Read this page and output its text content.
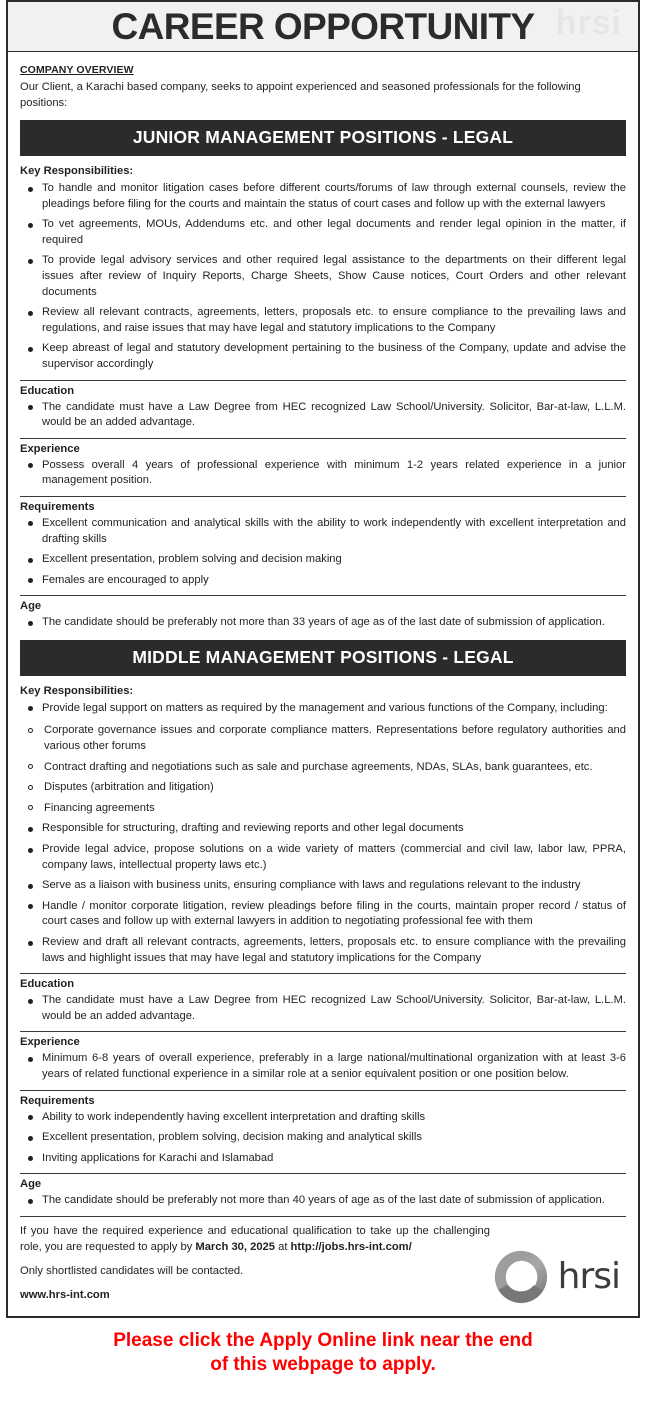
hrsi
CAREER OPPORTUNITY
COMPANY OVERVIEW

Our Client, a Karachi based company, seeks to appoint experienced and seasoned professionals for the following positions:

JUNIOR MANAGEMENT POSITIONS - LEGAL
Key Responsibilities:
To handle and monitor litigation cases before different courts/forums of law through external counsels, review the pleadings before filing for the courts and maintain the status of court cases and follow up with the external lawyers
To vet agreements, MOUs, Addendums etc. and other legal documents and render legal opinion in the matter, if required
To provide legal advisory services and other required legal assistance to the departments on their different legal issues after review of Inquiry Reports, Charge Sheets, Show Cause notices, Court Orders and other relevant documents
Review all relevant contracts, agreements, letters, proposals etc. to ensure compliance to the prevailing laws and regulations, and raise issues that may have legal and statutory implications to the Company
Keep abreast of legal and statutory development pertaining to the business of the Company, update and advise the supervisor accordingly
Education
The candidate must have a Law Degree from HEC recognized Law School/University. Solicitor, Bar-at-law, L.L.M. would be an added advantage.
Experience
Possess overall 4 years of professional experience with minimum 1-2 years related experience in a junior management position.
Requirements
Excellent communication and analytical skills with the ability to work independently with excellent interpretation and drafting skills
Excellent presentation, problem solving and decision making
Females are encouraged to apply
Age
The candidate should be preferably not more than 33 years of age as of the last date of submission of application.
MIDDLE MANAGEMENT POSITIONS - LEGAL
Key Responsibilities:
Provide legal support on matters as required by the management and various functions of the Company, including:
Corporate governance issues and corporate compliance matters. Representations before regulatory authorities and various other forums
Contract drafting and negotiations such as sale and purchase agreements, NDAs, SLAs, bank guarantees, etc.
Disputes (arbitration and litigation)
Financing agreements
Responsible for structuring, drafting and reviewing reports and other legal documents
Provide legal advice, propose solutions on a wide variety of matters (commercial and civil law, labor law, PPRA, company laws, intellectual property laws etc.)
Serve as a liaison with business units, ensuring compliance with laws and regulations relevant to the industry
Handle / monitor corporate litigation, review pleadings before filing in the courts, maintain proper record / status of court cases and follow up with external lawyers in addition to negotiating professional fee with them
Review and draft all relevant contracts, agreements, letters, proposals etc. to ensure compliance with the prevailing laws and highlight issues that may have legal and statutory implications for the Company
Education
The candidate must have a Law Degree from HEC recognized Law School/University. Solicitor, Bar-at-law, L.L.M. would be an added advantage.
Experience
Minimum 6-8 years of overall experience, preferably in a large national/multinational organization with at least 3-6 years of related functional experience in a similar role at a senior equivalent position or one position below.
Requirements
Ability to work independently having excellent interpretation and drafting skills
Excellent presentation, problem solving, decision making and analytical skills
Inviting applications for Karachi and Islamabad
Age
The candidate should be preferably not more than 40 years of age as of the last date of submission of application.

If you have the required experience and educational qualification to take up the challenging role, you are requested to apply by March 30, 2025 at http://jobs.hrs-int.com/

Only shortlisted candidates will be contacted.

www.hrs-int.com	hrsi
Please click the Apply Online link near the end
of this webpage to apply.
